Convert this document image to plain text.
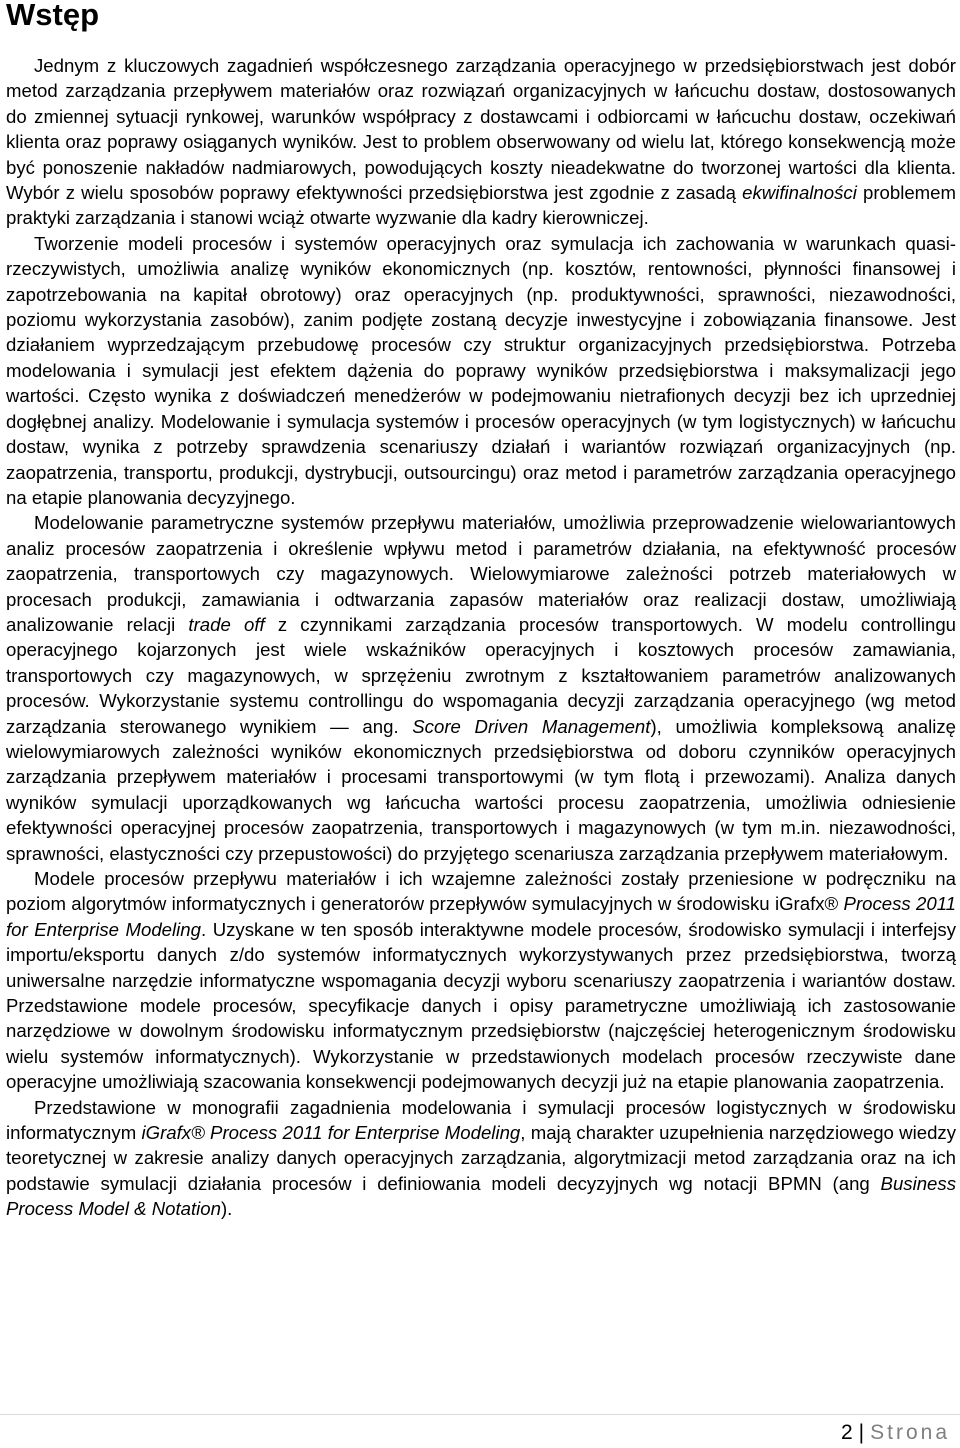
Wstęp

Jednym z kluczowych zagadnień współczesnego zarządzania operacyjnego w przedsiębiorstwach jest dobór metod zarządzania przepływem materiałów oraz rozwiązań organizacyjnych w łańcuchu dostaw, dostosowanych do zmiennej sytuacji rynkowej, warunków współpracy z dostawcami i odbiorcami w łańcuchu dostaw, oczekiwań klienta oraz poprawy osiąganych wyników. Jest to problem obserwowany od wielu lat, którego konsekwencją może być ponoszenie nakładów nadmiarowych, powodujących koszty nieadekwatne do tworzonej wartości dla klienta. Wybór z wielu sposobów poprawy efektywności przedsiębiorstwa jest zgodnie z zasadą ekwifinalności problemem praktyki zarządzania i stanowi wciąż otwarte wyzwanie dla kadry kierowniczej.

Tworzenie modeli procesów i systemów operacyjnych oraz symulacja ich zachowania w warunkach quasi-rzeczywistych, umożliwia analizę wyników ekonomicznych (np. kosztów, rentowności, płynności finansowej i zapotrzebowania na kapitał obrotowy) oraz operacyjnych (np. produktywności, sprawności, niezawodności, poziomu wykorzystania zasobów), zanim podjęte zostaną decyzje inwestycyjne i zobowiązania finansowe. Jest działaniem wyprzedzającym przebudowę procesów czy struktur organizacyjnych przedsiębiorstwa. Potrzeba modelowania i symulacji jest efektem dążenia do poprawy wyników przedsiębiorstwa i maksymalizacji jego wartości. Często wynika z doświadczeń menedżerów w podejmowaniu nietrafionych decyzji bez ich uprzedniej dogłębnej analizy. Modelowanie i symulacja systemów i procesów operacyjnych (w tym logistycznych) w łańcuchu dostaw, wynika z potrzeby sprawdzenia scenariuszy działań i wariantów rozwiązań organizacyjnych (np. zaopatrzenia, transportu, produkcji, dystrybucji, outsourcingu) oraz metod i parametrów zarządzania operacyjnego na etapie planowania decyzyjnego.

Modelowanie parametryczne systemów przepływu materiałów, umożliwia przeprowadzenie wielowariantowych analiz procesów zaopatrzenia i określenie wpływu metod i parametrów działania, na efektywność procesów zaopatrzenia, transportowych czy magazynowych. Wielowymiarowe zależności potrzeb materiałowych w procesach produkcji, zamawiania i odtwarzania zapasów materiałów oraz realizacji dostaw, umożliwiają analizowanie relacji trade off z czynnikami zarządzania procesów transportowych. W modelu controllingu operacyjnego kojarzonych jest wiele wskaźników operacyjnych i kosztowych procesów zamawiania, transportowych czy magazynowych, w sprzężeniu zwrotnym z kształtowaniem parametrów analizowanych procesów. Wykorzystanie systemu controllingu do wspomagania decyzji zarządzania operacyjnego (wg metod zarządzania sterowanego wynikiem — ang. Score Driven Management), umożliwia kompleksową analizę wielowymiarowych zależności wyników ekonomicznych przedsiębiorstwa od doboru czynników operacyjnych zarządzania przepływem materiałów i procesami transportowymi (w tym flotą i przewozami). Analiza danych wyników symulacji uporządkowanych wg łańcucha wartości procesu zaopatrzenia, umożliwia odniesienie efektywności operacyjnej procesów zaopatrzenia, transportowych i magazynowych (w tym m.in. niezawodności, sprawności, elastyczności czy przepustowości) do przyjętego scenariusza zarządzania przepływem materiałowym.

Modele procesów przepływu materiałów i ich wzajemne zależności zostały przeniesione w podręczniku na poziom algorytmów informatycznych i generatorów przepływów symulacyjnych w środowisku iGrafx® Process 2011 for Enterprise Modeling. Uzyskane w ten sposób interaktywne modele procesów, środowisko symulacji i interfejsy importu/eksportu danych z/do systemów informatycznych wykorzystywanych przez przedsiębiorstwa, tworzą uniwersalne narzędzie informatyczne wspomagania decyzji wyboru scenariuszy zaopatrzenia i wariantów dostaw. Przedstawione modele procesów, specyfikacje danych i opisy parametryczne umożliwiają ich zastosowanie narzędziowe w dowolnym środowisku informatycznym przedsiębiorstw (najczęściej heterogenicznym środowisku wielu systemów informatycznych). Wykorzystanie w przedstawionych modelach procesów rzeczywiste dane operacyjne umożliwiają szacowania konsekwencji podejmowanych decyzji już na etapie planowania zaopatrzenia.

Przedstawione w monografii zagadnienia modelowania i symulacji procesów logistycznych w środowisku informatycznym iGrafx® Process 2011 for Enterprise Modeling, mają charakter uzupełnienia narzędziowego wiedzy teoretycznej w zakresie analizy danych operacyjnych zarządzania, algorytmizacji metod zarządzania oraz na ich podstawie symulacji działania procesów i definiowania modeli decyzyjnych wg notacji BPMN (ang Business Process Model & Notation).

2 | Strona
